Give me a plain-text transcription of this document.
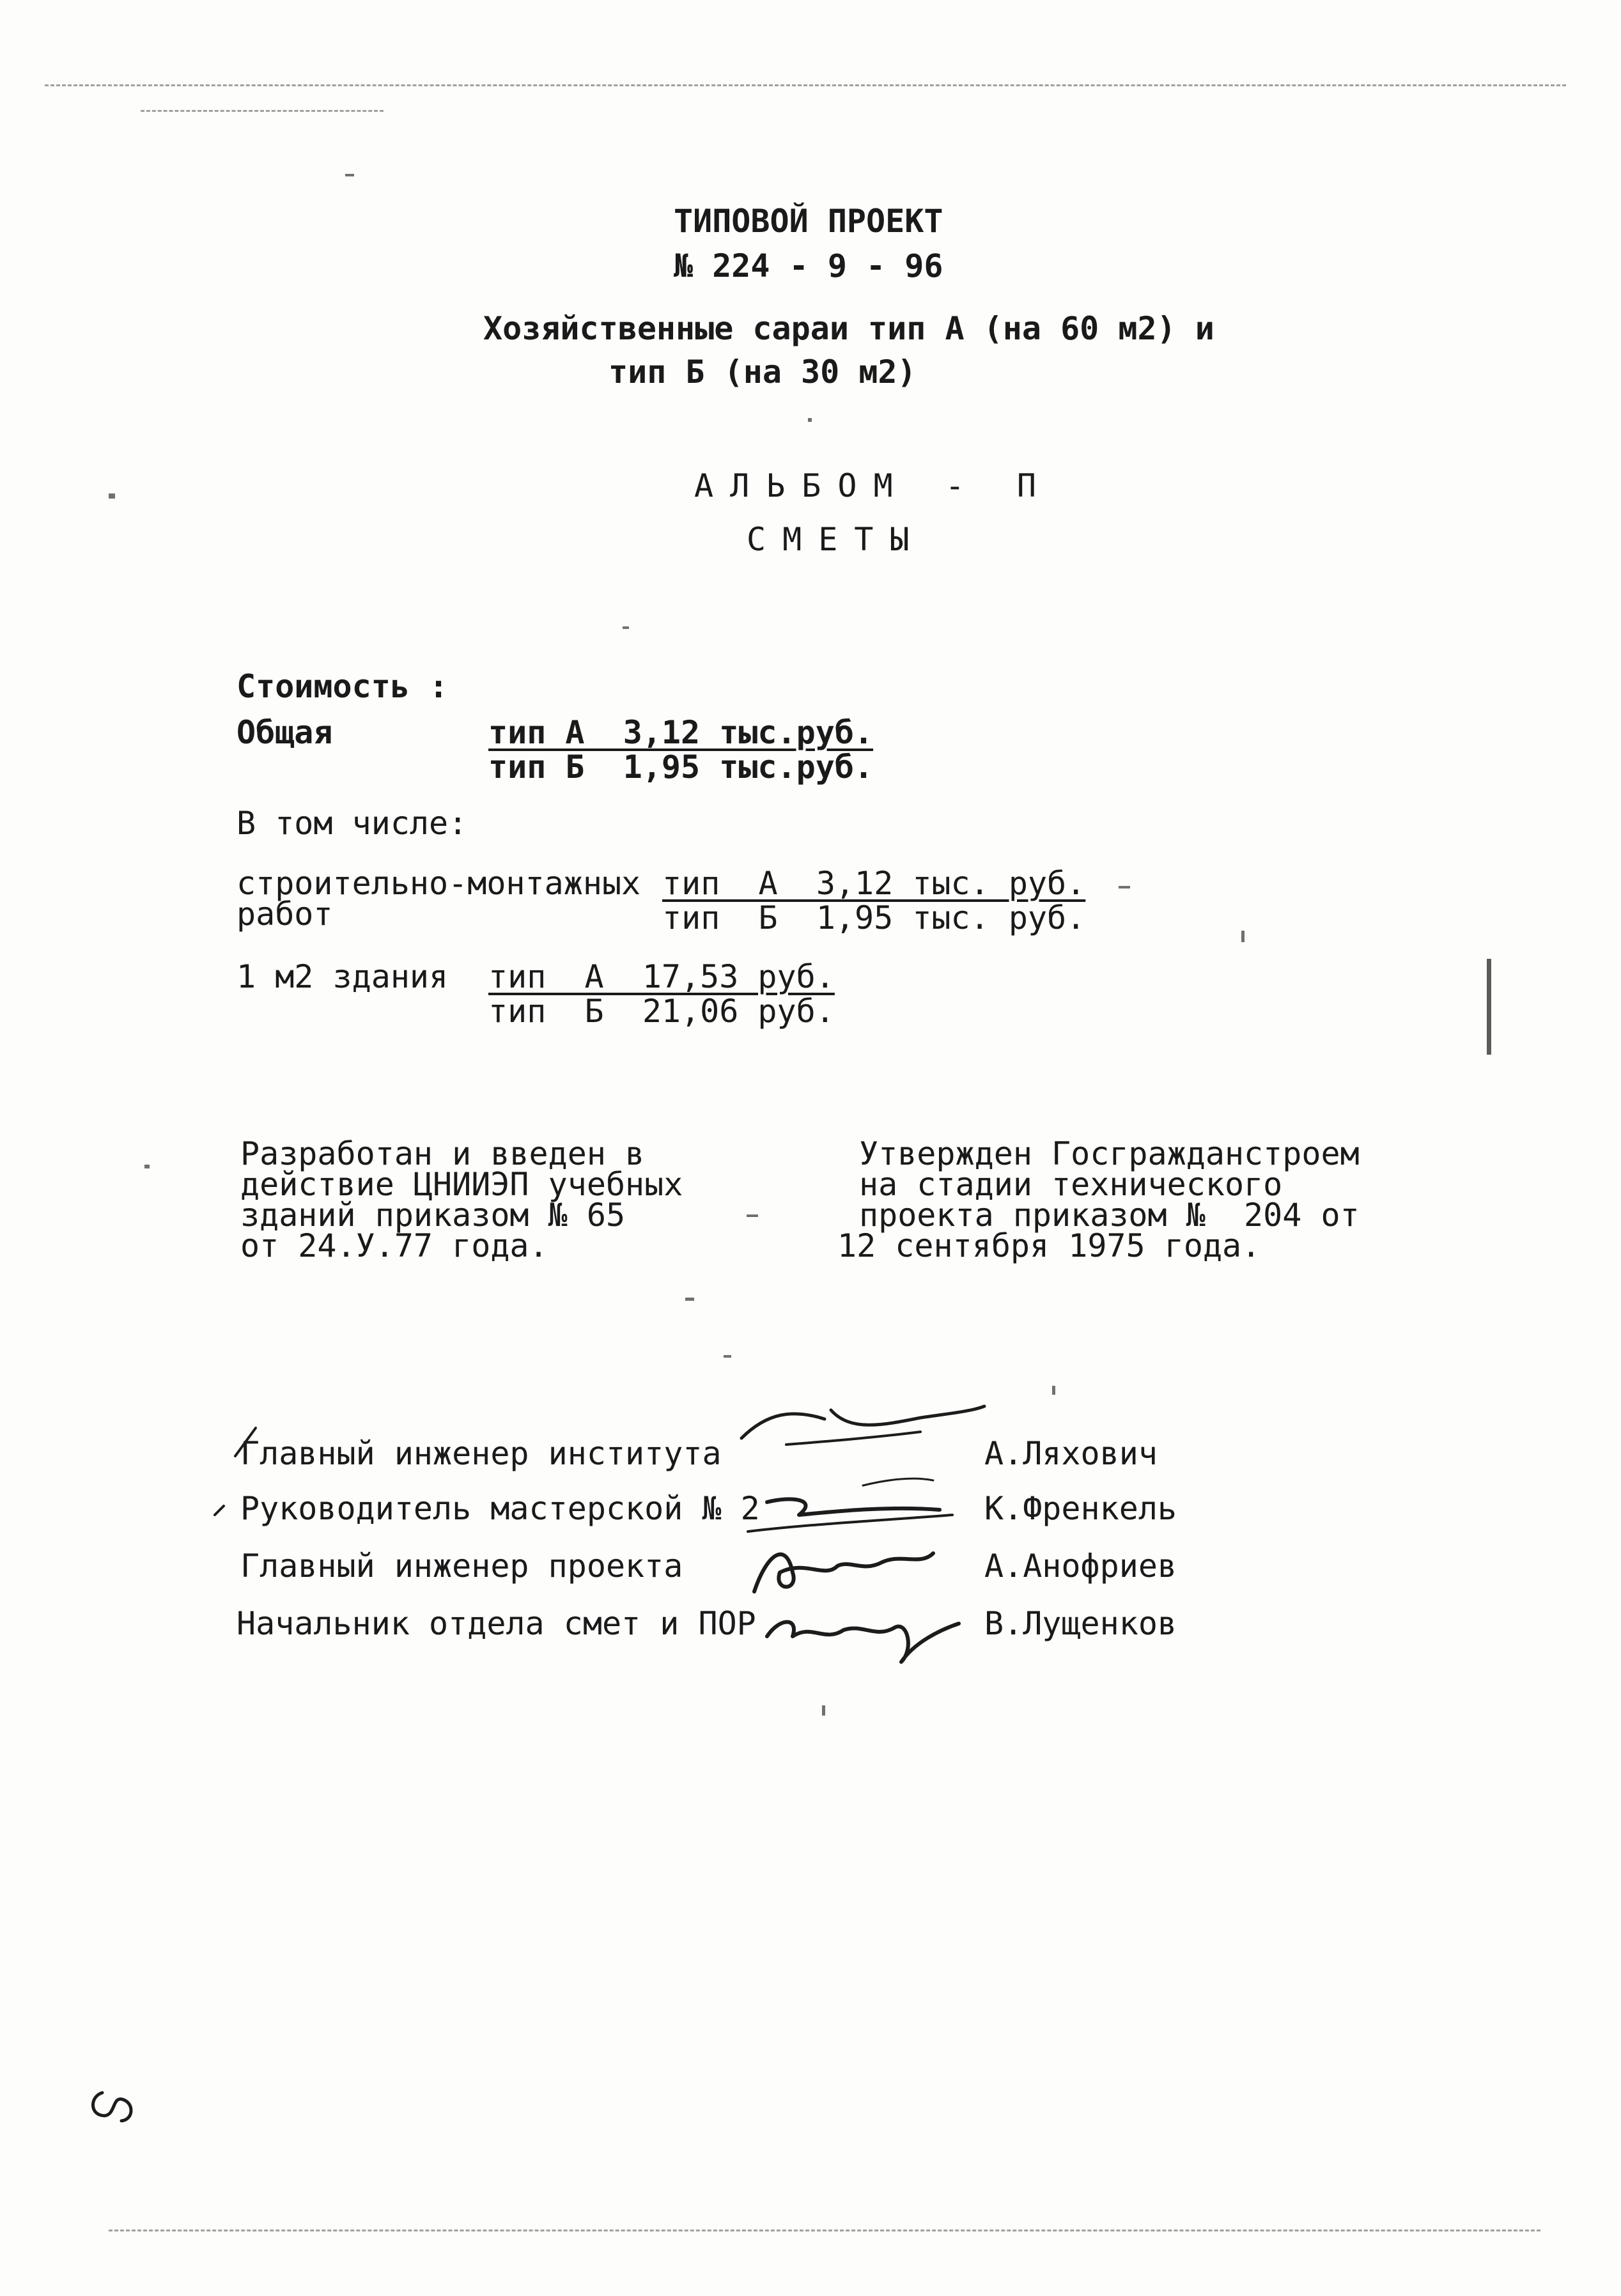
ТИПОВОЙ ПРОЕКТ
№ 224 - 9 - 96
Хозяйственные сараи тип А (на 60 м2) и
тип Б (на 30 м2)
АЛЬБОМ - П
СМЕТЫ
Стоимость :
Общая	тип А  3,12 тыс.руб.
тип Б  1,95 тыс.руб.
В том числе:
строительно-монтажных
работ
тип  А  3,12 тыс. руб.
тип  Б  1,95 тыс. руб.
1 м2 здания тип  А  17,53 руб.
тип  Б  21,06 руб.
Разработан и введен в
действие ЦНИИЭП учебных
зданий приказом № 65
от 24.У.77 года.
Утвержден Госгражданстроем
на стадии технического
проекта приказом №  204 от
12 сентября 1975 года.
Главный инженер института	А.Ляхович
Руководитель мастерской № 2	К.Френкель
Главный инженер проекта	А.Анофриев
Начальник отдела смет и ПОР	В.Лущенков
